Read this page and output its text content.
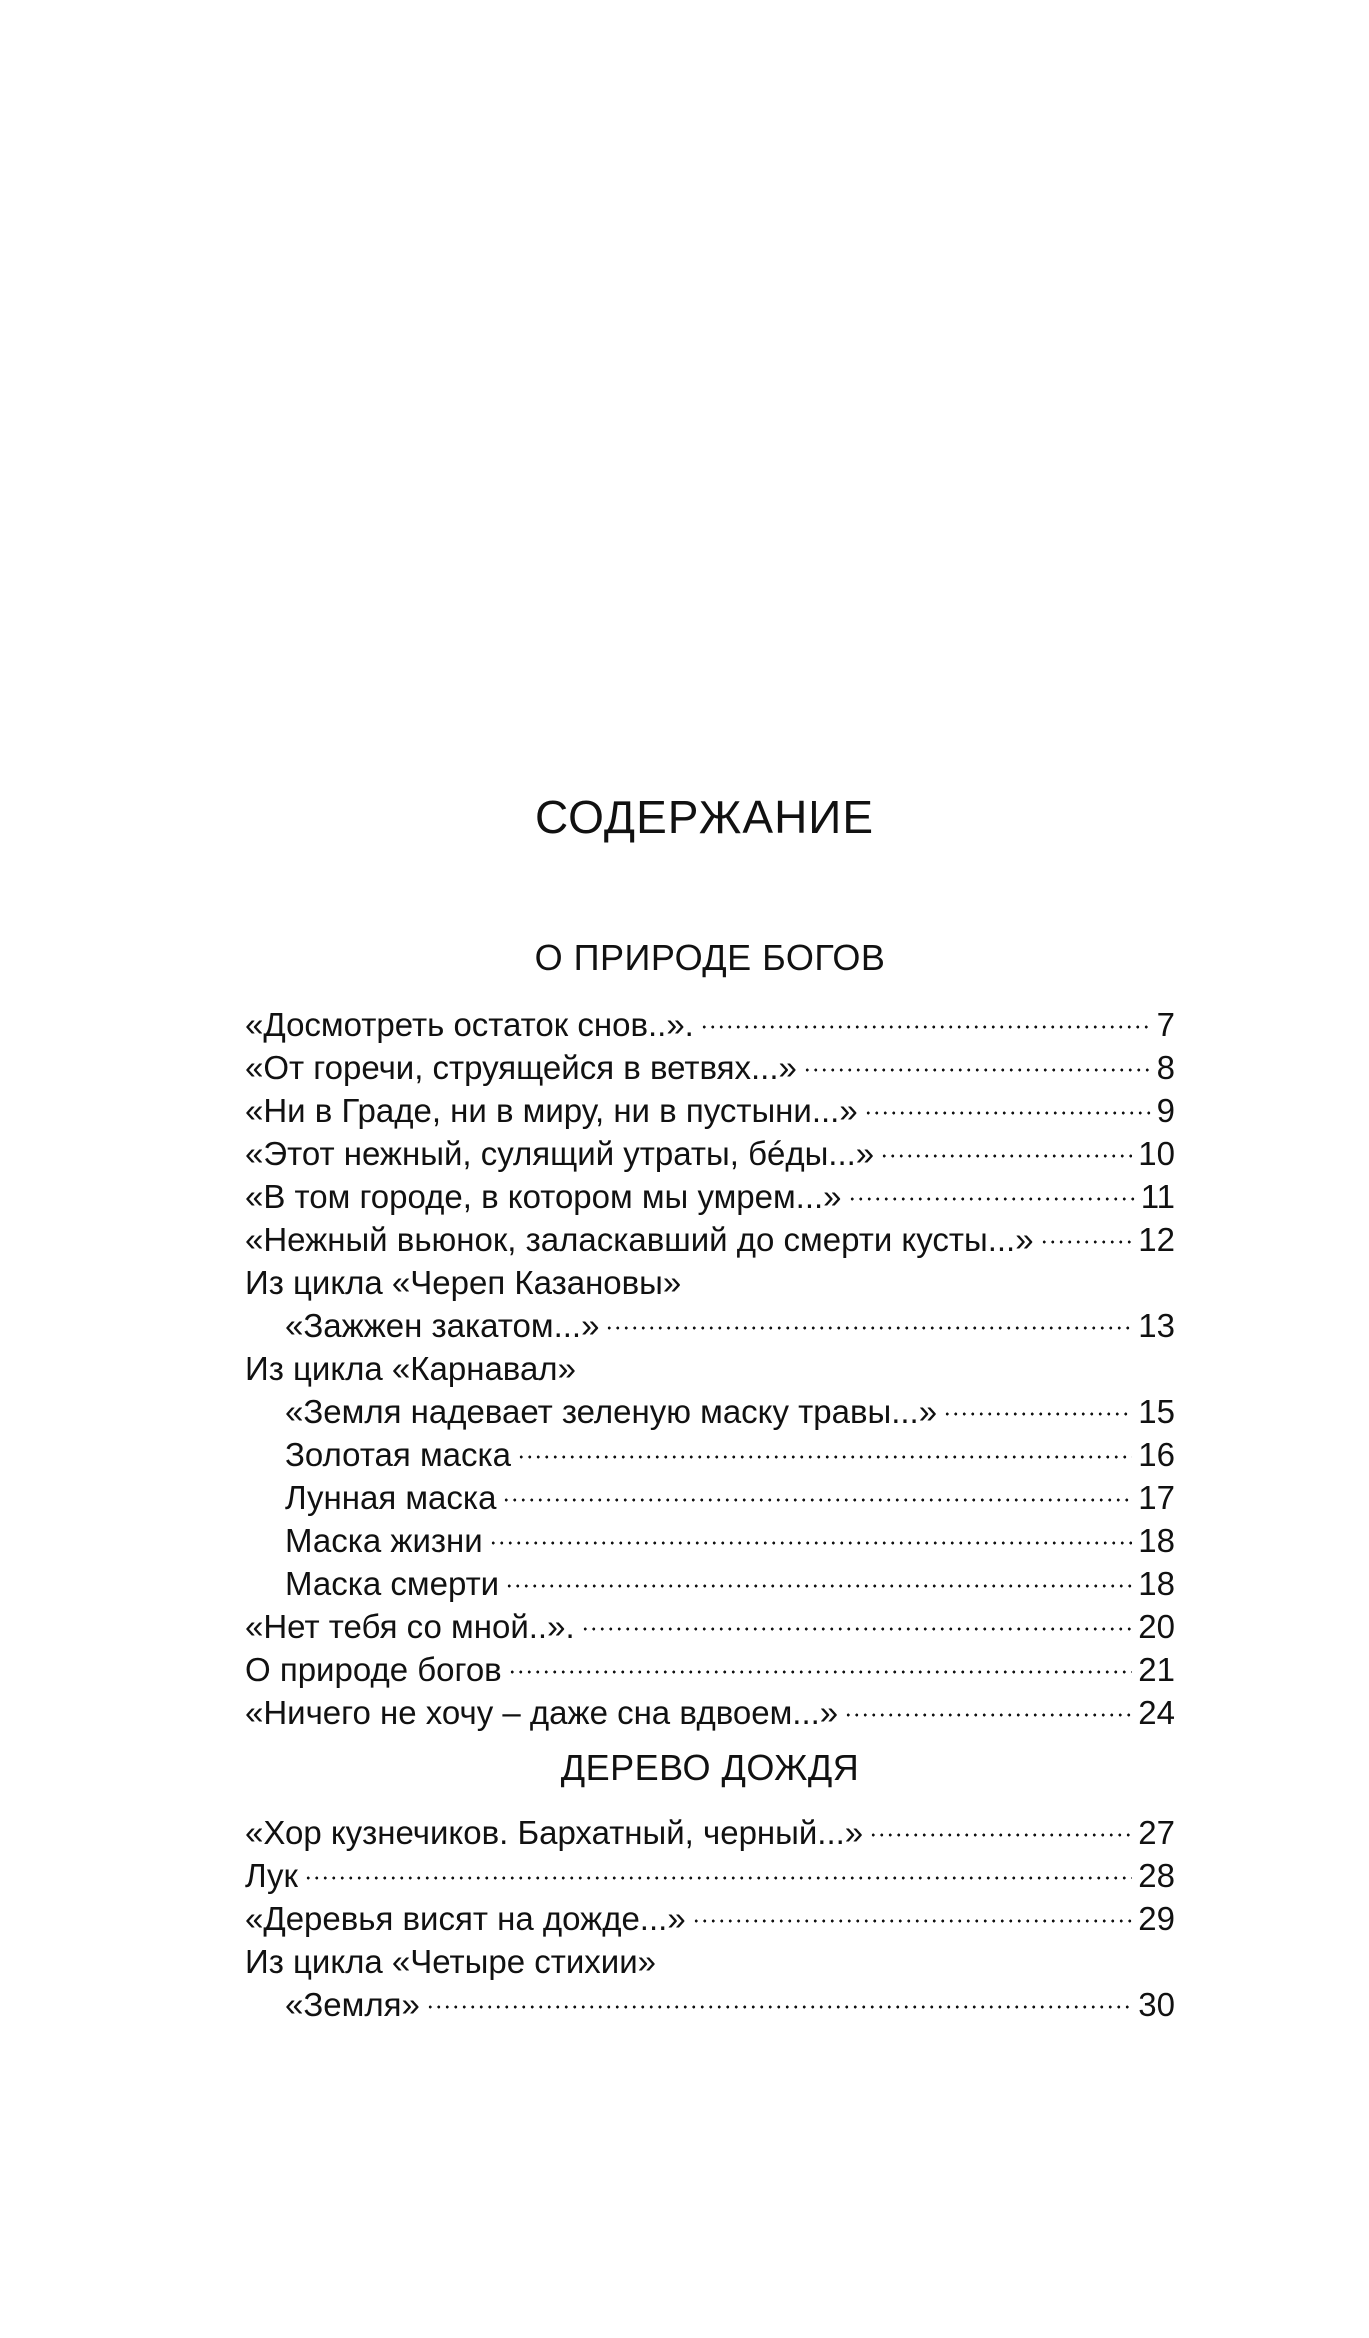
СОДЕРЖАНИЕ
О ПРИРОДЕ БОГОВ
«Досмотреть остаток снов..».	7
«От горечи, струящейся в ветвях...»	8
«Ни в Граде, ни в миру, ни в пустыни...»	9
«Этот нежный, сулящий утраты, бéды...»	10
«В том городе, в котором мы умрем...»	11
«Нежный вьюнок, заласкавший до смерти кусты...»	12
Из цикла «Череп Казановы»
«Зажжен закатом...»	13
Из цикла «Карнавал»
«Земля надевает зеленую маску травы...»	15
Золотая маска	16
Лунная маска	17
Маска жизни	18
Маска смерти	18
«Нет тебя со мной..».	20
О природе богов	21
«Ничего не хочу – даже сна вдвоем...»	24
ДЕРЕВО ДОЖДЯ
«Хор кузнечиков. Бархатный, черный...»	27
Лук	28
«Деревья висят на дожде...»	29
Из цикла «Четыре стихии»
«Земля»	30
